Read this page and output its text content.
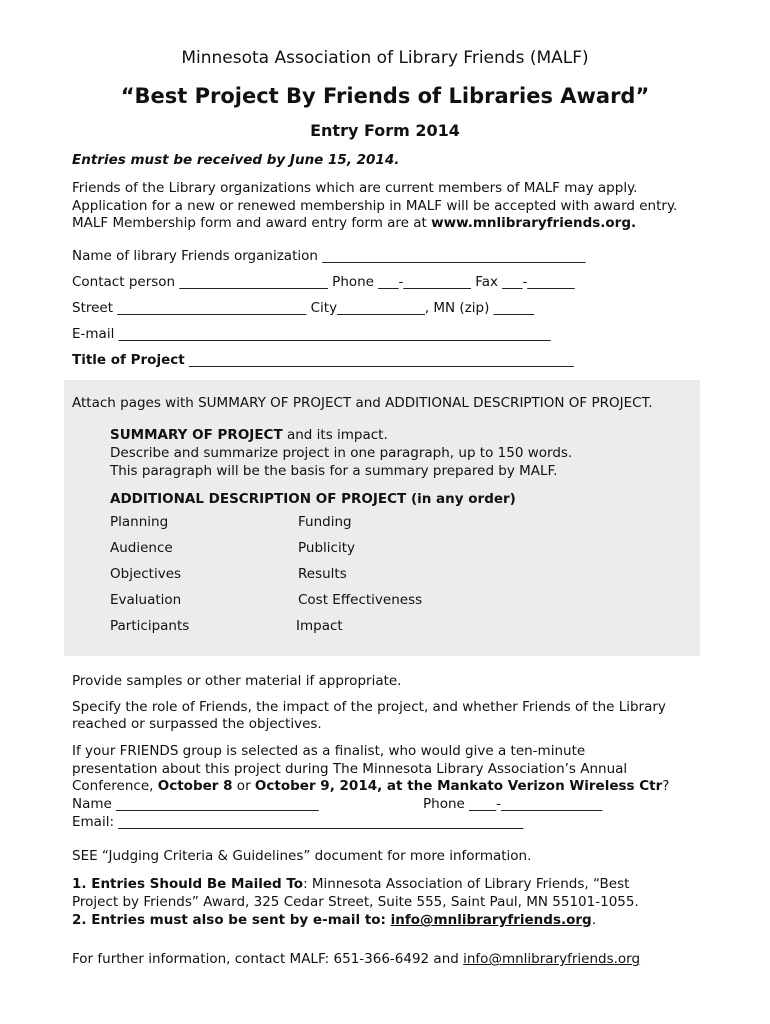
Minnesota Association of Library Friends (MALF)
“Best Project By Friends of Libraries Award”
Entry Form 2014
Entries must be received by June 15, 2014.
Friends of the Library organizations which are current members of MALF may apply.
Application for a new or renewed membership in MALF will be accepted with award entry.
MALF Membership form and award entry form are at www.mnlibraryfriends.org.
Name of library Friends organization _______________________________________
Contact person ______________________ Phone ___-__________ Fax ___-_______
Street ____________________________ City_____________, MN (zip) ______
E-mail ________________________________________________________________
Title of Project _________________________________________________________
Attach pages with SUMMARY OF PROJECT and ADDITIONAL DESCRIPTION OF PROJECT.
SUMMARY OF PROJECT and its impact.
Describe and summarize project in one paragraph, up to 150 words.
This paragraph will be the basis for a summary prepared by MALF.
ADDITIONAL DESCRIPTION OF PROJECT (in any order)
Planning
Audience
Objectives
Evaluation
Participants
Funding
Publicity
Results
Cost Effectiveness
Impact
Provide samples or other material if appropriate.
Specify the role of Friends, the impact of the project, and whether Friends of the Library
reached or surpassed the objectives.
If your FRIENDS group is selected as a finalist, who would give a ten-minute
presentation about this project during The Minnesota Library Association’s Annual
Conference, October 8 or October 9, 2014, at the Mankato Verizon Wireless Ctr?
Name ______________________________	Phone ____-_______________
Email: ____________________________________________________________
SEE “Judging Criteria & Guidelines” document for more information.
1. Entries Should Be Mailed To: Minnesota Association of Library Friends, “Best
Project by Friends” Award, 325 Cedar Street, Suite 555, Saint Paul, MN 55101-1055.
2. Entries must also be sent by e-mail to: info@mnlibraryfriends.org.
For further information, contact MALF: 651-366-6492 and info@mnlibraryfriends.org
